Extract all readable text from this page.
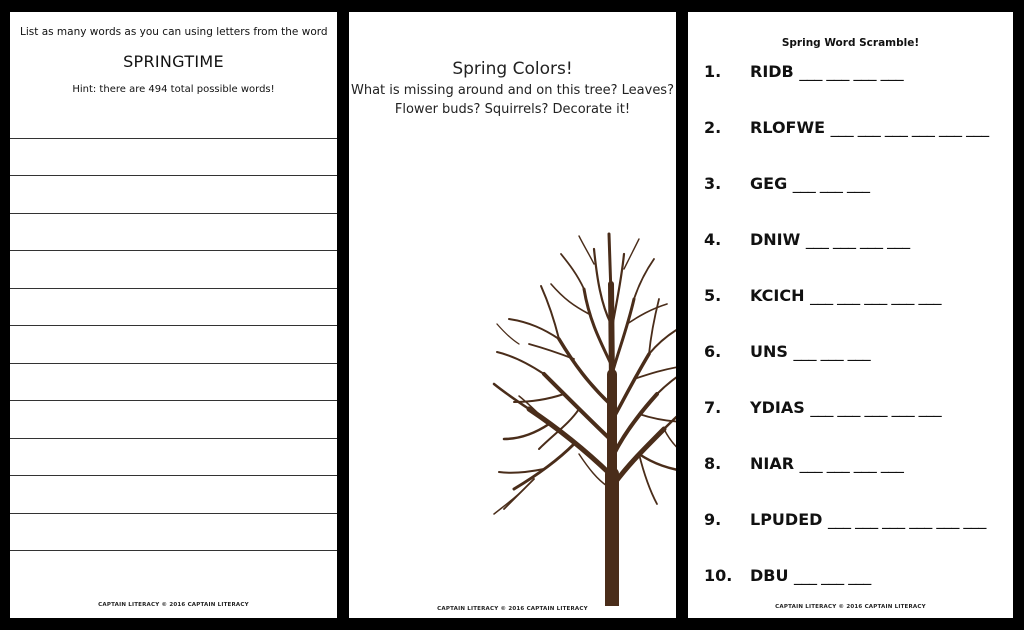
List as many words as you can using letters from the word
SPRINGTIME
Hint: there are 494 total possible words!
CAPTAIN LITERACY © 2016 CAPTAIN LITERACY
Spring Colors!
What is missing around and on this tree? Leaves?
Flower buds? Squirrels? Decorate it!
CAPTAIN LITERACY © 2016 CAPTAIN LITERACY
Spring Word Scramble!
1.	RIDB ___ ___ ___ ___
2.	RLOFWE ___ ___ ___ ___ ___ ___
3.	GEG ___ ___ ___
4.	DNIW ___ ___ ___ ___
5.	KCICH ___ ___ ___ ___ ___
6.	UNS ___ ___ ___
7.	YDIAS ___ ___ ___ ___ ___
8.	NIAR ___ ___ ___ ___
9.	LPUDED ___ ___ ___ ___ ___ ___
10.	DBU ___ ___ ___
CAPTAIN LITERACY © 2016 CAPTAIN LITERACY
